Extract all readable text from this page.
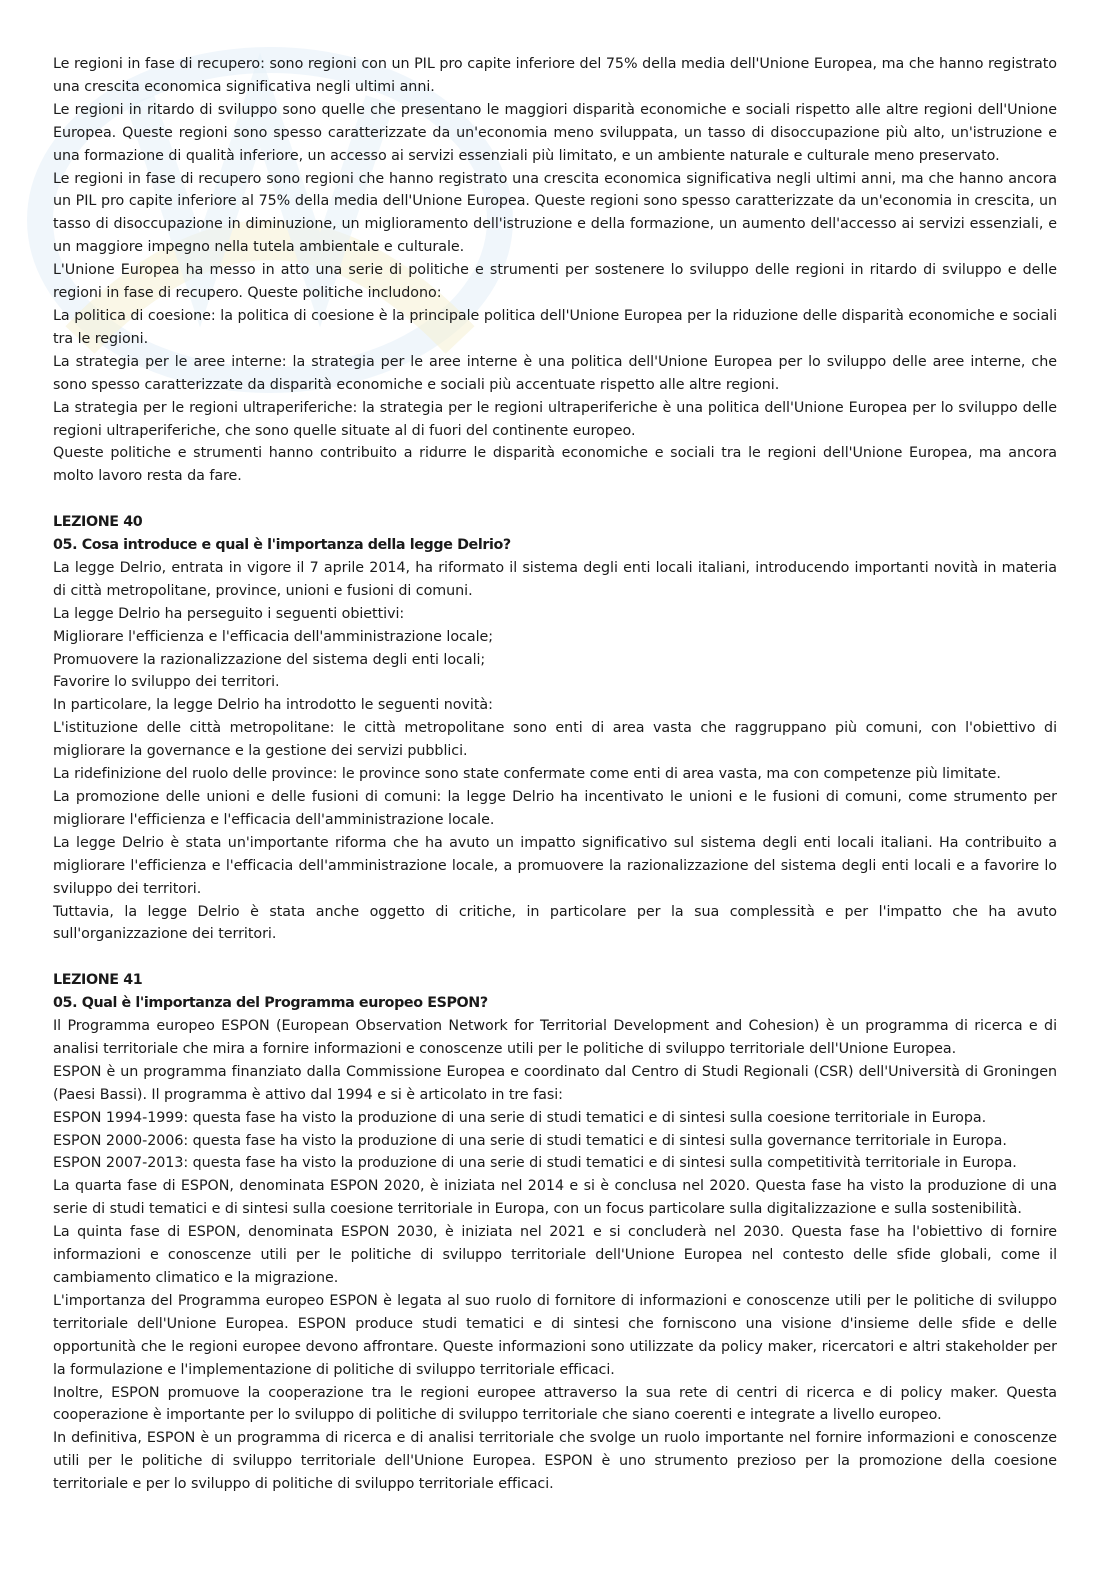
Le regioni in fase di recupero: sono regioni con un PIL pro capite inferiore del 75% della media dell'Unione Europea, ma che hanno registrato una crescita economica significativa negli ultimi anni.

Le regioni in ritardo di sviluppo sono quelle che presentano le maggiori disparità economiche e sociali rispetto alle altre regioni dell'Unione Europea. Queste regioni sono spesso caratterizzate da un'economia meno sviluppata, un tasso di disoccupazione più alto, un'istruzione e una formazione di qualità inferiore, un accesso ai servizi essenziali più limitato, e un ambiente naturale e culturale meno preservato.

Le regioni in fase di recupero sono regioni che hanno registrato una crescita economica significativa negli ultimi anni, ma che hanno ancora un PIL pro capite inferiore al 75% della media dell'Unione Europea. Queste regioni sono spesso caratterizzate da un'economia in crescita, un tasso di disoccupazione in diminuzione, un miglioramento dell'istruzione e della formazione, un aumento dell'accesso ai servizi essenziali, e un maggiore impegno nella tutela ambientale e culturale.

L'Unione Europea ha messo in atto una serie di politiche e strumenti per sostenere lo sviluppo delle regioni in ritardo di sviluppo e delle regioni in fase di recupero. Queste politiche includono:

La politica di coesione: la politica di coesione è la principale politica dell'Unione Europea per la riduzione delle disparità economiche e sociali tra le regioni.

La strategia per le aree interne: la strategia per le aree interne è una politica dell'Unione Europea per lo sviluppo delle aree interne, che sono spesso caratterizzate da disparità economiche e sociali più accentuate rispetto alle altre regioni.

La strategia per le regioni ultraperiferiche: la strategia per le regioni ultraperiferiche è una politica dell'Unione Europea per lo sviluppo delle regioni ultraperiferiche, che sono quelle situate al di fuori del continente europeo.

Queste politiche e strumenti hanno contribuito a ridurre le disparità economiche e sociali tra le regioni dell'Unione Europea, ma ancora molto lavoro resta da fare.

LEZIONE 40
05. Cosa introduce e qual è l'importanza della legge Delrio?

La legge Delrio, entrata in vigore il 7 aprile 2014, ha riformato il sistema degli enti locali italiani, introducendo importanti novità in materia di città metropolitane, province, unioni e fusioni di comuni.

La legge Delrio ha perseguito i seguenti obiettivi:

Migliorare l'efficienza e l'efficacia dell'amministrazione locale;

Promuovere la razionalizzazione del sistema degli enti locali;

Favorire lo sviluppo dei territori.

In particolare, la legge Delrio ha introdotto le seguenti novità:

L'istituzione delle città metropolitane: le città metropolitane sono enti di area vasta che raggruppano più comuni, con l'obiettivo di migliorare la governance e la gestione dei servizi pubblici.

La ridefinizione del ruolo delle province: le province sono state confermate come enti di area vasta, ma con competenze più limitate.

La promozione delle unioni e delle fusioni di comuni: la legge Delrio ha incentivato le unioni e le fusioni di comuni, come strumento per migliorare l'efficienza e l'efficacia dell'amministrazione locale.

La legge Delrio è stata un'importante riforma che ha avuto un impatto significativo sul sistema degli enti locali italiani. Ha contribuito a migliorare l'efficienza e l'efficacia dell'amministrazione locale, a promuovere la razionalizzazione del sistema degli enti locali e a favorire lo sviluppo dei territori.

Tuttavia, la legge Delrio è stata anche oggetto di critiche, in particolare per la sua complessità e per l'impatto che ha avuto sull'organizzazione dei territori.

LEZIONE 41
05. Qual è l'importanza del Programma europeo ESPON?

Il Programma europeo ESPON (European Observation Network for Territorial Development and Cohesion) è un programma di ricerca e di analisi territoriale che mira a fornire informazioni e conoscenze utili per le politiche di sviluppo territoriale dell'Unione Europea.

ESPON è un programma finanziato dalla Commissione Europea e coordinato dal Centro di Studi Regionali (CSR) dell'Università di Groningen (Paesi Bassi). Il programma è attivo dal 1994 e si è articolato in tre fasi:

ESPON 1994-1999: questa fase ha visto la produzione di una serie di studi tematici e di sintesi sulla coesione territoriale in Europa.

ESPON 2000-2006: questa fase ha visto la produzione di una serie di studi tematici e di sintesi sulla governance territoriale in Europa.

ESPON 2007-2013: questa fase ha visto la produzione di una serie di studi tematici e di sintesi sulla competitività territoriale in Europa.

La quarta fase di ESPON, denominata ESPON 2020, è iniziata nel 2014 e si è conclusa nel 2020. Questa fase ha visto la produzione di una serie di studi tematici e di sintesi sulla coesione territoriale in Europa, con un focus particolare sulla digitalizzazione e sulla sostenibilità.

La quinta fase di ESPON, denominata ESPON 2030, è iniziata nel 2021 e si concluderà nel 2030. Questa fase ha l'obiettivo di fornire informazioni e conoscenze utili per le politiche di sviluppo territoriale dell'Unione Europea nel contesto delle sfide globali, come il cambiamento climatico e la migrazione.

L'importanza del Programma europeo ESPON è legata al suo ruolo di fornitore di informazioni e conoscenze utili per le politiche di sviluppo territoriale dell'Unione Europea. ESPON produce studi tematici e di sintesi che forniscono una visione d'insieme delle sfide e delle opportunità che le regioni europee devono affrontare. Queste informazioni sono utilizzate da policy maker, ricercatori e altri stakeholder per la formulazione e l'implementazione di politiche di sviluppo territoriale efficaci.

Inoltre, ESPON promuove la cooperazione tra le regioni europee attraverso la sua rete di centri di ricerca e di policy maker. Questa cooperazione è importante per lo sviluppo di politiche di sviluppo territoriale che siano coerenti e integrate a livello europeo.

In definitiva, ESPON è un programma di ricerca e di analisi territoriale che svolge un ruolo importante nel fornire informazioni e conoscenze utili per le politiche di sviluppo territoriale dell'Unione Europea. ESPON è uno strumento prezioso per la promozione della coesione territoriale e per lo sviluppo di politiche di sviluppo territoriale efficaci.
